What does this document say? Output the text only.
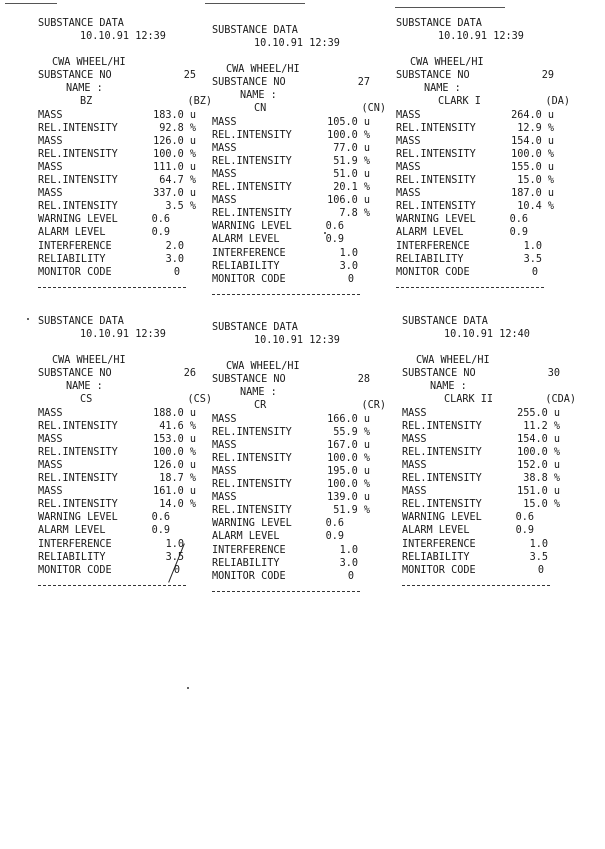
SUBSTANCE DATA
10.10.91 12:39
CWA WHEEL/HI
SUBSTANCE NO	25
NAME :
BZ	(BZ)
MASS	183.0 u
REL.INTENSITY	92.8 %
MASS	126.0 u
REL.INTENSITY	100.0 %
MASS	111.0 u
REL.INTENSITY	64.7 %
MASS	337.0 u
REL.INTENSITY	3.5 %
WARNING LEVEL	0.6
ALARM LEVEL	0.9
INTERFERENCE	2.0
RELIABILITY	3.0
MONITOR CODE	0
SUBSTANCE DATA
10.10.91 12:39
CWA WHEEL/HI
SUBSTANCE NO	27
NAME :
CN	(CN)
MASS	105.0 u
REL.INTENSITY	100.0 %
MASS	77.0 u
REL.INTENSITY	51.9 %
MASS	51.0 u
REL.INTENSITY	20.1 %
MASS	106.0 u
REL.INTENSITY	7.8 %
WARNING LEVEL	0.6
ALARM LEVEL	0.9
INTERFERENCE	1.0
RELIABILITY	3.0
MONITOR CODE	0
SUBSTANCE DATA
10.10.91 12:39
CWA WHEEL/HI
SUBSTANCE NO	29
NAME :
CLARK I	(DA)
MASS	264.0 u
REL.INTENSITY	12.9 %
MASS	154.0 u
REL.INTENSITY	100.0 %
MASS	155.0 u
REL.INTENSITY	15.0 %
MASS	187.0 u
REL.INTENSITY	10.4 %
WARNING LEVEL	0.6
ALARM LEVEL	0.9
INTERFERENCE	1.0
RELIABILITY	3.5
MONITOR CODE	0
SUBSTANCE DATA
10.10.91 12:39
CWA WHEEL/HI
SUBSTANCE NO	26
NAME :
CS	(CS)
MASS	188.0 u
REL.INTENSITY	41.6 %
MASS	153.0 u
REL.INTENSITY	100.0 %
MASS	126.0 u
REL.INTENSITY	18.7 %
MASS	161.0 u
REL.INTENSITY	14.0 %
WARNING LEVEL	0.6
ALARM LEVEL	0.9
INTERFERENCE	1.0
RELIABILITY	3.5
MONITOR CODE	0
SUBSTANCE DATA
10.10.91 12:39
CWA WHEEL/HI
SUBSTANCE NO	28
NAME :
CR	(CR)
MASS	166.0 u
REL.INTENSITY	55.9 %
MASS	167.0 u
REL.INTENSITY	100.0 %
MASS	195.0 u
REL.INTENSITY	100.0 %
MASS	139.0 u
REL.INTENSITY	51.9 %
WARNING LEVEL	0.6
ALARM LEVEL	0.9
INTERFERENCE	1.0
RELIABILITY	3.0
MONITOR CODE	0
SUBSTANCE DATA
10.10.91 12:40
CWA WHEEL/HI
SUBSTANCE NO	30
NAME :
CLARK II	(CDA)
MASS	255.0 u
REL.INTENSITY	11.2 %
MASS	154.0 u
REL.INTENSITY	100.0 %
MASS	152.0 u
REL.INTENSITY	38.8 %
MASS	151.0 u
REL.INTENSITY	15.0 %
WARNING LEVEL	0.6
ALARM LEVEL	0.9
INTERFERENCE	1.0
RELIABILITY	3.5
MONITOR CODE	0
